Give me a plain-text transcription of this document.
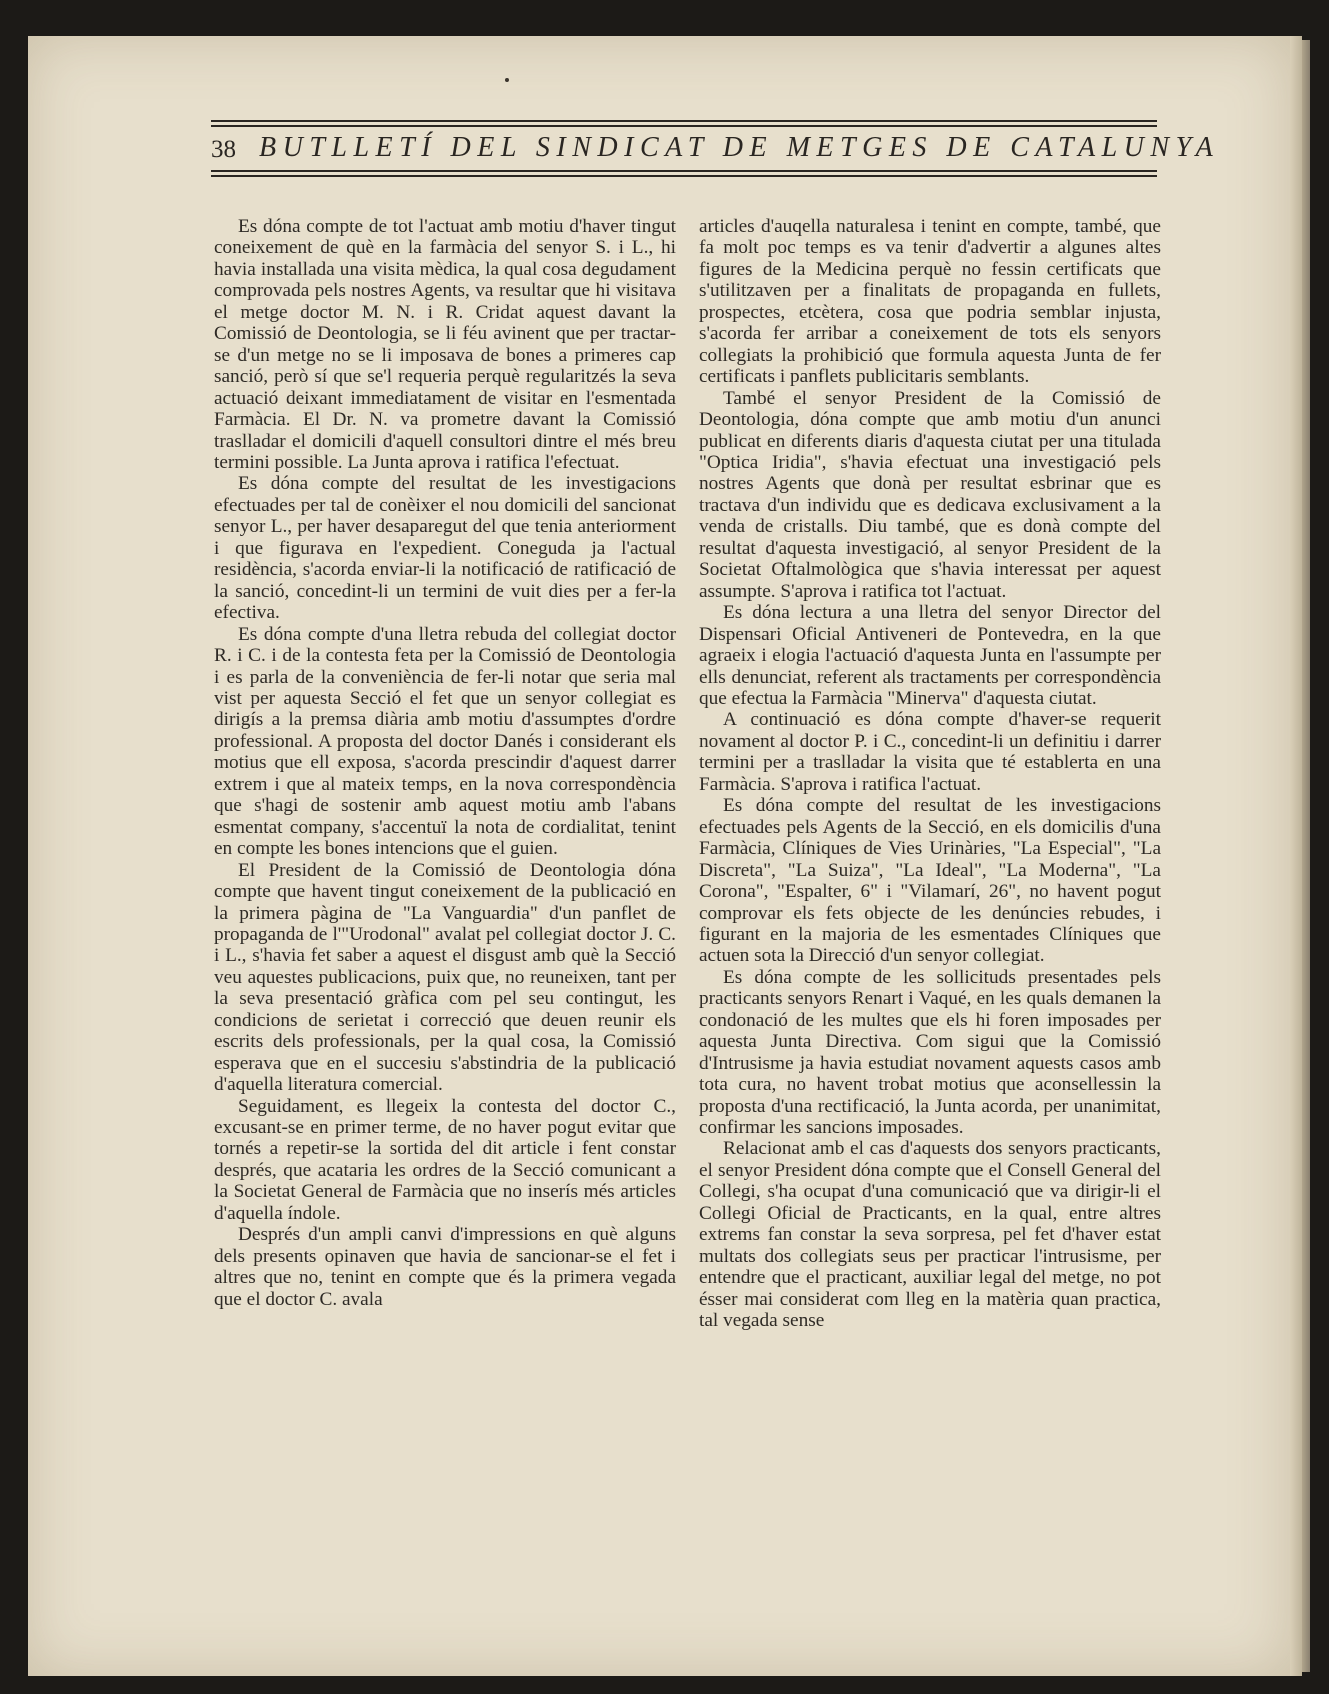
38 BUTLLETÍ DEL SINDICAT DE METGES DE CATALUNYA

Es dóna compte de tot l'actuat amb motiu d'haver tingut coneixement de què en la farmàcia del senyor S. i L., hi havia installada una visita mèdica, la qual cosa degudament comprovada pels nostres Agents, va resultar que hi visitava el metge doctor M. N. i R. Cridat aquest davant la Comissió de Deontologia, se li féu avinent que per tractar-se d'un metge no se li imposava de bones a primeres cap sanció, però sí que se'l requeria perquè regularitzés la seva actuació deixant immediatament de visitar en l'esmentada Farmàcia. El Dr. N. va prometre davant la Comissió traslladar el domicili d'aquell consultori dintre el més breu termini possible. La Junta aprova i ratifica l'efectuat.

Es dóna compte del resultat de les investigacions efectuades per tal de conèixer el nou domicili del sancionat senyor L., per haver desaparegut del que tenia anteriorment i que figurava en l'expedient. Coneguda ja l'actual residència, s'acorda enviar-li la notificació de ratificació de la sanció, concedint-li un termini de vuit dies per a fer-la efectiva.

Es dóna compte d'una lletra rebuda del collegiat doctor R. i C. i de la contesta feta per la Comissió de Deontologia i es parla de la conveniència de fer-li notar que seria mal vist per aquesta Secció el fet que un senyor collegiat es dirigís a la premsa diària amb motiu d'assumptes d'ordre professional. A proposta del doctor Danés i considerant els motius que ell exposa, s'acorda prescindir d'aquest darrer extrem i que al mateix temps, en la nova correspondència que s'hagi de sostenir amb aquest motiu amb l'abans esmentat company, s'accentuï la nota de cordialitat, tenint en compte les bones intencions que el guien.

El President de la Comissió de Deontologia dóna compte que havent tingut coneixement de la publicació en la primera pàgina de "La Vanguardia" d'un panflet de propaganda de l'"Urodonal" avalat pel collegiat doctor J. C. i L., s'havia fet saber a aquest el disgust amb què la Secció veu aquestes publicacions, puix que, no reuneixen, tant per la seva presentació gràfica com pel seu contingut, les condicions de serietat i correcció que deuen reunir els escrits dels professionals, per la qual cosa, la Comissió esperava que en el succesiu s'abstindria de la publicació d'aquella literatura comercial.

Seguidament, es llegeix la contesta del doctor C., excusant-se en primer terme, de no haver pogut evitar que tornés a repetir-se la sortida del dit article i fent constar després, que acataria les ordres de la Secció comunicant a la Societat General de Farmàcia que no inserís més articles d'aquella índole.

Després d'un ampli canvi d'impressions en què alguns dels presents opinaven que havia de sancionar-se el fet i altres que no, tenint en compte que és la primera vegada que el doctor C. avala

articles d'auqella naturalesa i tenint en compte, també, que fa molt poc temps es va tenir d'advertir a algunes altes figures de la Medicina perquè no fessin certificats que s'utilitzaven per a finalitats de propaganda en fullets, prospectes, etcètera, cosa que podria semblar injusta, s'acorda fer arribar a coneixement de tots els senyors collegiats la prohibició que formula aquesta Junta de fer certificats i panflets publicitaris semblants.

També el senyor President de la Comissió de Deontologia, dóna compte que amb motiu d'un anunci publicat en diferents diaris d'aquesta ciutat per una titulada "Optica Iridia", s'havia efectuat una investigació pels nostres Agents que donà per resultat esbrinar que es tractava d'un individu que es dedicava exclusivament a la venda de cristalls. Diu també, que es donà compte del resultat d'aquesta investigació, al senyor President de la Societat Oftalmològica que s'havia interessat per aquest assumpte. S'aprova i ratifica tot l'actuat.

Es dóna lectura a una lletra del senyor Director del Dispensari Oficial Antiveneri de Pontevedra, en la que agraeix i elogia l'actuació d'aquesta Junta en l'assumpte per ells denunciat, referent als tractaments per correspondència que efectua la Farmàcia "Minerva" d'aquesta ciutat.

A continuació es dóna compte d'haver-se requerit novament al doctor P. i C., concedint-li un definitiu i darrer termini per a traslladar la visita que té establerta en una Farmàcia. S'aprova i ratifica l'actuat.

Es dóna compte del resultat de les investigacions efectuades pels Agents de la Secció, en els domicilis d'una Farmàcia, Clíniques de Vies Urinàries, "La Especial", "La Discreta", "La Suiza", "La Ideal", "La Moderna", "La Corona", "Espalter, 6" i "Vilamarí, 26", no havent pogut comprovar els fets objecte de les denúncies rebudes, i figurant en la majoria de les esmentades Clíniques que actuen sota la Direcció d'un senyor collegiat.

Es dóna compte de les sollicituds presentades pels practicants senyors Renart i Vaqué, en les quals demanen la condonació de les multes que els hi foren imposades per aquesta Junta Directiva. Com sigui que la Comissió d'Intrusisme ja havia estudiat novament aquests casos amb tota cura, no havent trobat motius que aconsellessin la proposta d'una rectificació, la Junta acorda, per unanimitat, confirmar les sancions imposades.

Relacionat amb el cas d'aquests dos senyors practicants, el senyor President dóna compte que el Consell General del Collegi, s'ha ocupat d'una comunicació que va dirigir-li el Collegi Oficial de Practicants, en la qual, entre altres extrems fan constar la seva sorpresa, pel fet d'haver estat multats dos collegiats seus per practicar l'intrusisme, per entendre que el practicant, auxiliar legal del metge, no pot ésser mai considerat com lleg en la matèria quan practica, tal vegada sense
